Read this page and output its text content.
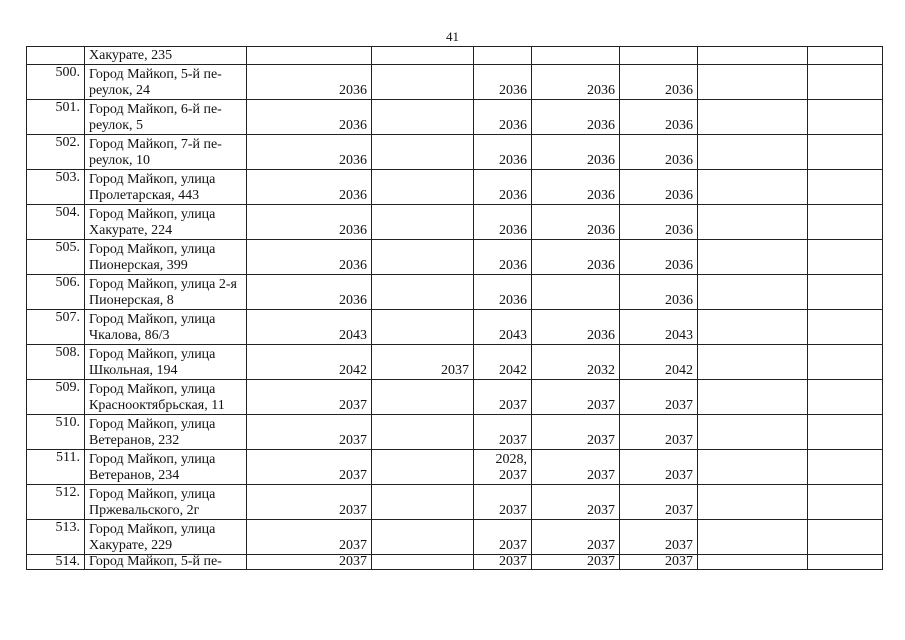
41
	Хакурате, 235								
500.	Город Майкоп, 5-й пе-реулок, 24	2036		2036	2036	2036			
501.	Город Майкоп, 6-й пе-реулок, 5	2036		2036	2036	2036			
502.	Город Майкоп, 7-й пе-реулок, 10	2036		2036	2036	2036			
503.	Город Майкоп, улица Пролетарская, 443	2036		2036	2036	2036			
504.	Город Майкоп, улица Хакурате, 224	2036		2036	2036	2036			
505.	Город Майкоп, улица Пионерская, 399	2036		2036	2036	2036			
506.	Город Майкоп, улица 2-я Пионерская, 8	2036		2036		2036			
507.	Город Майкоп, улица Чкалова, 86/3	2043		2043	2036	2043			
508.	Город Майкоп, улица Школьная, 194	2042	2037	2042	2032	2042			
509.	Город Майкоп, улица Краснооктябрьская, 11	2037		2037	2037	2037			
510.	Город Майкоп, улица Ветеранов, 232	2037		2037	2037	2037			
511.	Город Майкоп, улица Ветеранов, 234	2037		2028,
2037	2037	2037			
512.	Город Майкоп, улица Пржевальского, 2г	2037		2037	2037	2037			
513.	Город Майкоп, улица Хакурате, 229	2037		2037	2037	2037			
514.	Город Майкоп, 5-й пе-	2037		2037	2037	2037			
